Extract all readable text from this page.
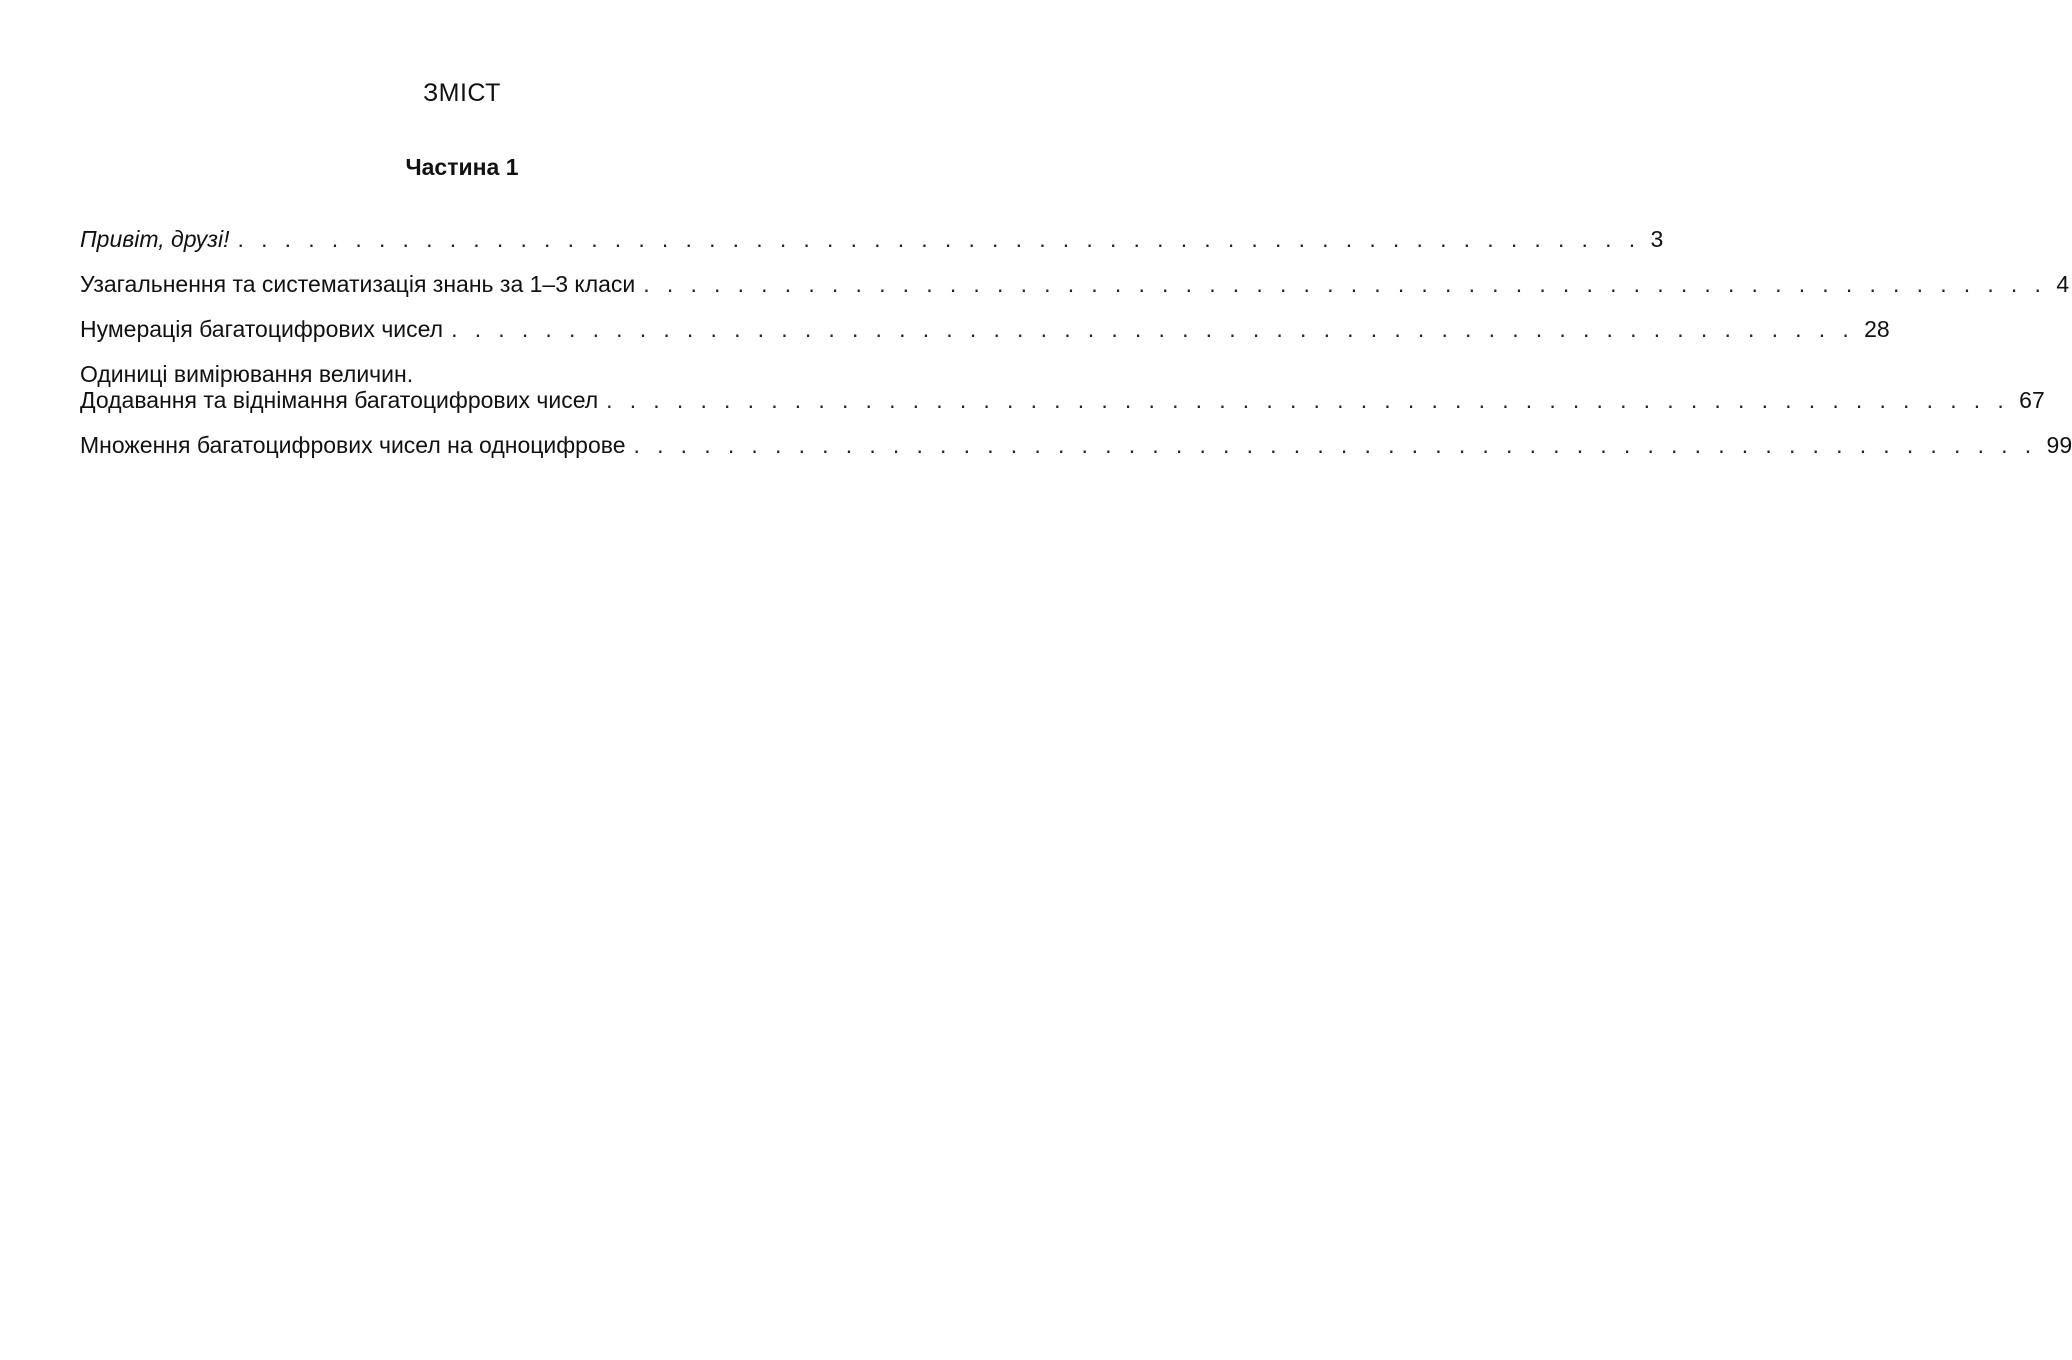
ЗМІСТ
Частина 1
Привіт, друзі! . . . . . . . . . . . . . . . . . . . . . . . . . . . . . . . . . . . . . . . . . . . . . . . . . . . . . . . . . . . . 3
Узагальнення та систематизація знань за 1–3 класи . . . . . . . . . . . . . . . . . . . . . . . . . . . . . . . . . . . . . . . . . . . . . . . . . . . . . . . . . . . . 4
Нумерація багатоцифрових чисел . . . . . . . . . . . . . . . . . . . . . . . . . . . . . . . . . . . . . . . . . . . . . . . . . . . . . . . . . . . . 28
Одиниці вимірювання величин.
Додавання та віднімання багатоцифрових чисел . . . . . . . . . . . . . . . . . . . . . . . . . . . . . . . . . . . . . . . . . . . . . . . . . . . . . . . . . . . . 67
Множення багатоцифрових чисел на одноцифрове . . . . . . . . . . . . . . . . . . . . . . . . . . . . . . . . . . . . . . . . . . . . . . . . . . . . . . . . . . . . 99
